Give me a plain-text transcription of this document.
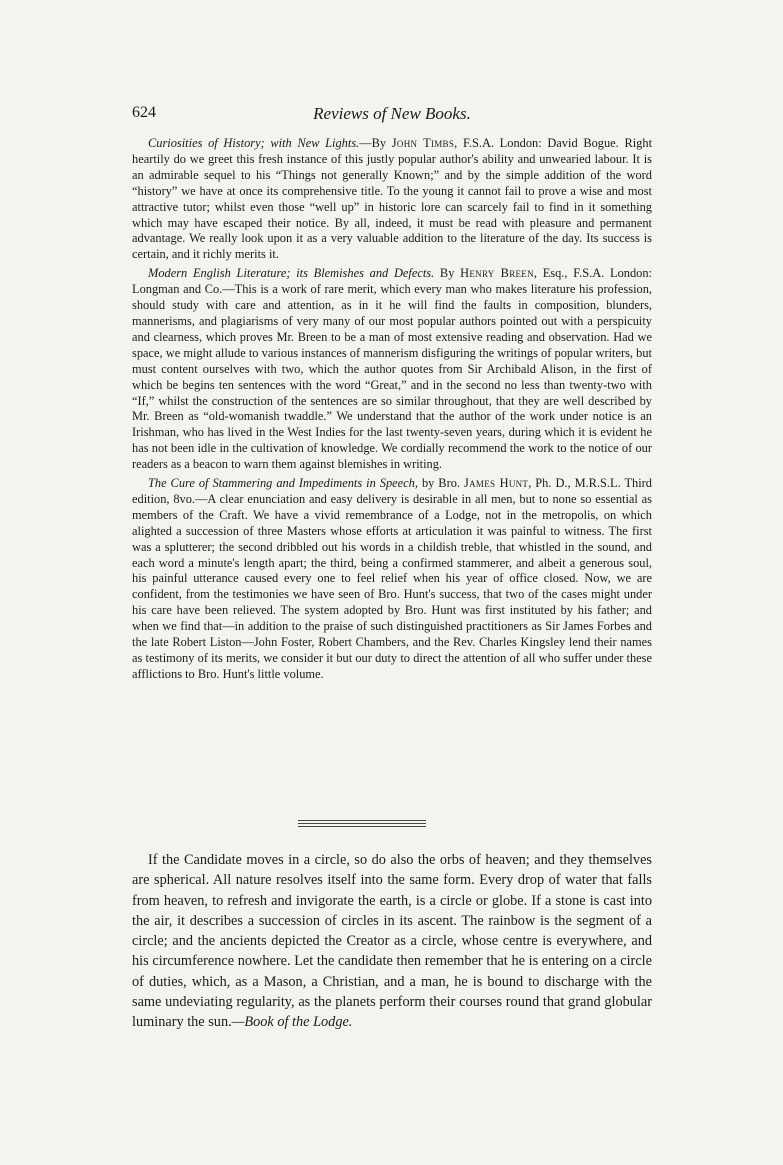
624	Reviews of New Books.

Curiosities of History; with New Lights.—By John Timbs, F.S.A. London: David Bogue. Right heartily do we greet this fresh instance of this justly popular author's ability and unwearied labour. It is an admirable sequel to his “Things not generally Known;” and by the simple addition of the word “history” we have at once its comprehensive title. To the young it cannot fail to prove a wise and most attractive tutor; whilst even those “well up” in historic lore can scarcely fail to find in it something which may have escaped their notice. By all, indeed, it must be read with pleasure and permanent advantage. We really look upon it as a very valuable addition to the literature of the day. Its success is certain, and it richly merits it.

Modern English Literature; its Blemishes and Defects. By Henry Breen, Esq., F.S.A. London: Longman and Co.—This is a work of rare merit, which every man who makes literature his profession, should study with care and attention, as in it he will find the faults in composition, blunders, mannerisms, and plagiarisms of very many of our most popular authors pointed out with a perspicuity and clearness, which proves Mr. Breen to be a man of most extensive reading and observation. Had we space, we might allude to various instances of mannerism disfiguring the writings of popular writers, but must content ourselves with two, which the author quotes from Sir Archibald Alison, in the first of which be begins ten sentences with the word “Great,” and in the second no less than twenty-two with “If,” whilst the construction of the sentences are so similar throughout, that they are well described by Mr. Breen as “old-womanish twaddle.” We understand that the author of the work under notice is an Irishman, who has lived in the West Indies for the last twenty-seven years, during which it is evident he has not been idle in the cultivation of knowledge. We cordially recommend the work to the notice of our readers as a beacon to warn them against blemishes in writing.

The Cure of Stammering and Impediments in Speech, by Bro. James Hunt, Ph. D., M.R.S.L. Third edition, 8vo.—A clear enunciation and easy delivery is desirable in all men, but to none so essential as members of the Craft. We have a vivid remembrance of a Lodge, not in the metropolis, on which alighted a succession of three Masters whose efforts at articulation it was painful to witness. The first was a splutterer; the second dribbled out his words in a childish treble, that whistled in the sound, and each word a minute's length apart; the third, being a confirmed stammerer, and albeit a generous soul, his painful utterance caused every one to feel relief when his year of office closed. Now, we are confident, from the testimonies we have seen of Bro. Hunt's success, that two of the cases might under his care have been relieved. The system adopted by Bro. Hunt was first instituted by his father; and when we find that—in addition to the praise of such distinguished practitioners as Sir James Forbes and the late Robert Liston—John Foster, Robert Chambers, and the Rev. Charles Kingsley lend their names as testimony of its merits, we consider it but our duty to direct the attention of all who suffer under these afflictions to Bro. Hunt's little volume.

If the Candidate moves in a circle, so do also the orbs of heaven; and they themselves are spherical. All nature resolves itself into the same form. Every drop of water that falls from heaven, to refresh and invigorate the earth, is a circle or globe. If a stone is cast into the air, it describes a succession of circles in its ascent. The rainbow is the segment of a circle; and the ancients depicted the Creator as a circle, whose centre is everywhere, and his circumference nowhere. Let the candidate then remember that he is entering on a circle of duties, which, as a Mason, a Christian, and a man, he is bound to discharge with the same undeviating regularity, as the planets perform their courses round that grand globular luminary the sun.—Book of the Lodge.
